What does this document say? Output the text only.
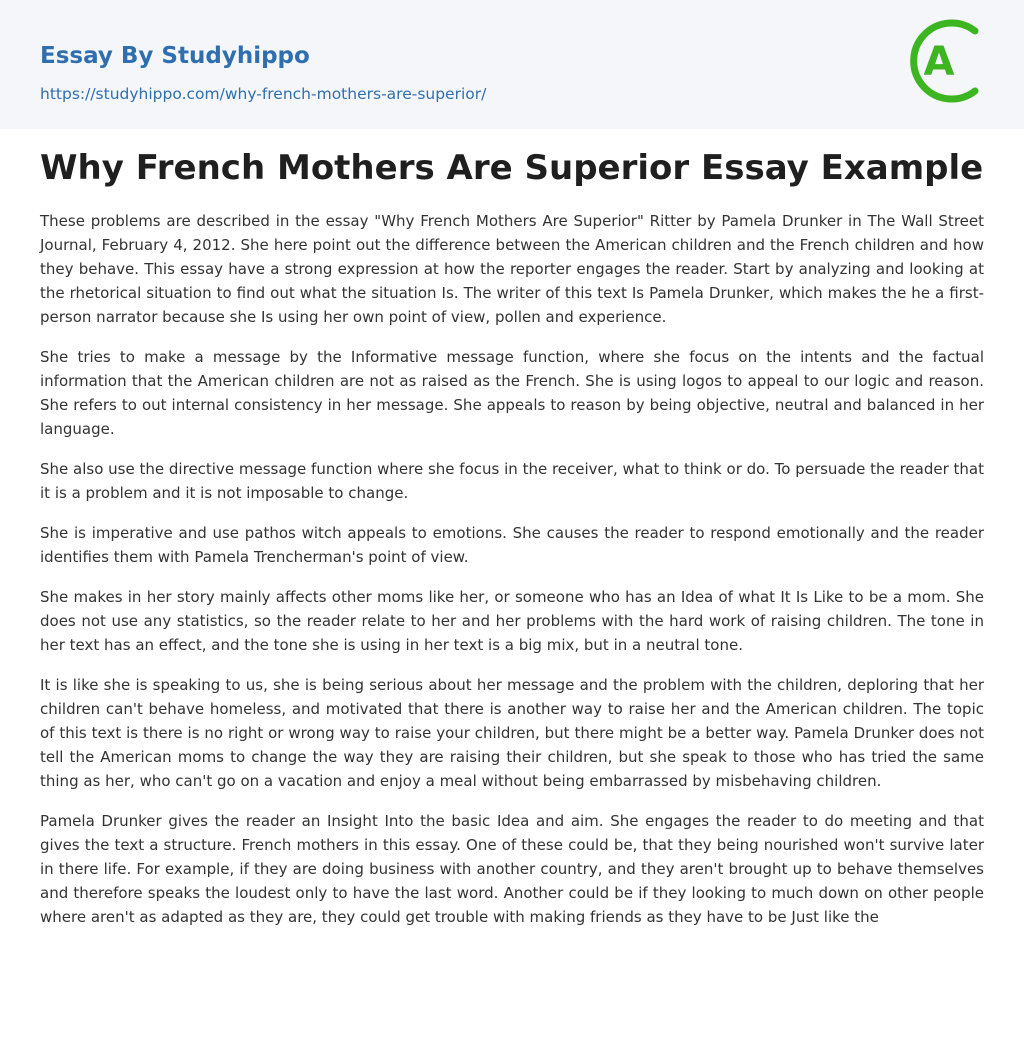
Essay By Studyhippo
https://studyhippo.com/why-french-mothers-are-superior/
A
Why French Mothers Are Superior Essay Example

These problems are described in the essay "Why French Mothers Are Superior" Ritter by Pamela Drunker in The Wall Street Journal, February 4, 2012. She here point out the difference between the American children and the French children and how they behave. This essay have a strong expression at how the reporter engages the reader. Start by analyzing and looking at the rhetorical situation to find out what the situation Is. The writer of this text Is Pamela Drunker, which makes the he a first-person narrator because she Is using her own point of view, pollen and experience.

She tries to make a message by the Informative message function, where she focus on the intents and the factual information that the American children are not as raised as the French. She is using logos to appeal to our logic and reason. She refers to out internal consistency in her message. She appeals to reason by being objective, neutral and balanced in her language.

She also use the directive message function where she focus in the receiver, what to think or do. To persuade the reader that it is a problem and it is not imposable to change.

She is imperative and use pathos witch appeals to emotions. She causes the reader to respond emotionally and the reader identifies them with Pamela Trencherman's point of view.

She makes in her story mainly affects other moms like her, or someone who has an Idea of what It Is Like to be a mom. She does not use any statistics, so the reader relate to her and her problems with the hard work of raising children. The tone in her text has an effect, and the tone she is using in her text is a big mix, but in a neutral tone.

It is like she is speaking to us, she is being serious about her message and the problem with the children, deploring that her children can't behave homeless, and motivated that there is another way to raise her and the American children. The topic of this text is there is no right or wrong way to raise your children, but there might be a better way. Pamela Drunker does not tell the American moms to change the way they are raising their children, but she speak to those who has tried the same thing as her, who can't go on a vacation and enjoy a meal without being embarrassed by misbehaving children.

Pamela Drunker gives the reader an Insight Into the basic Idea and aim. She engages the reader to do meeting and that gives the text a structure. French mothers in this essay. One of these could be, that they being nourished won't survive later in there life. For example, if they are doing business with another country, and they aren't brought up to behave themselves and therefore speaks the loudest only to have the last word. Another could be if they looking to much down on other people where aren't as adapted as they are, they could get trouble with making friends as they have to be Just like the
